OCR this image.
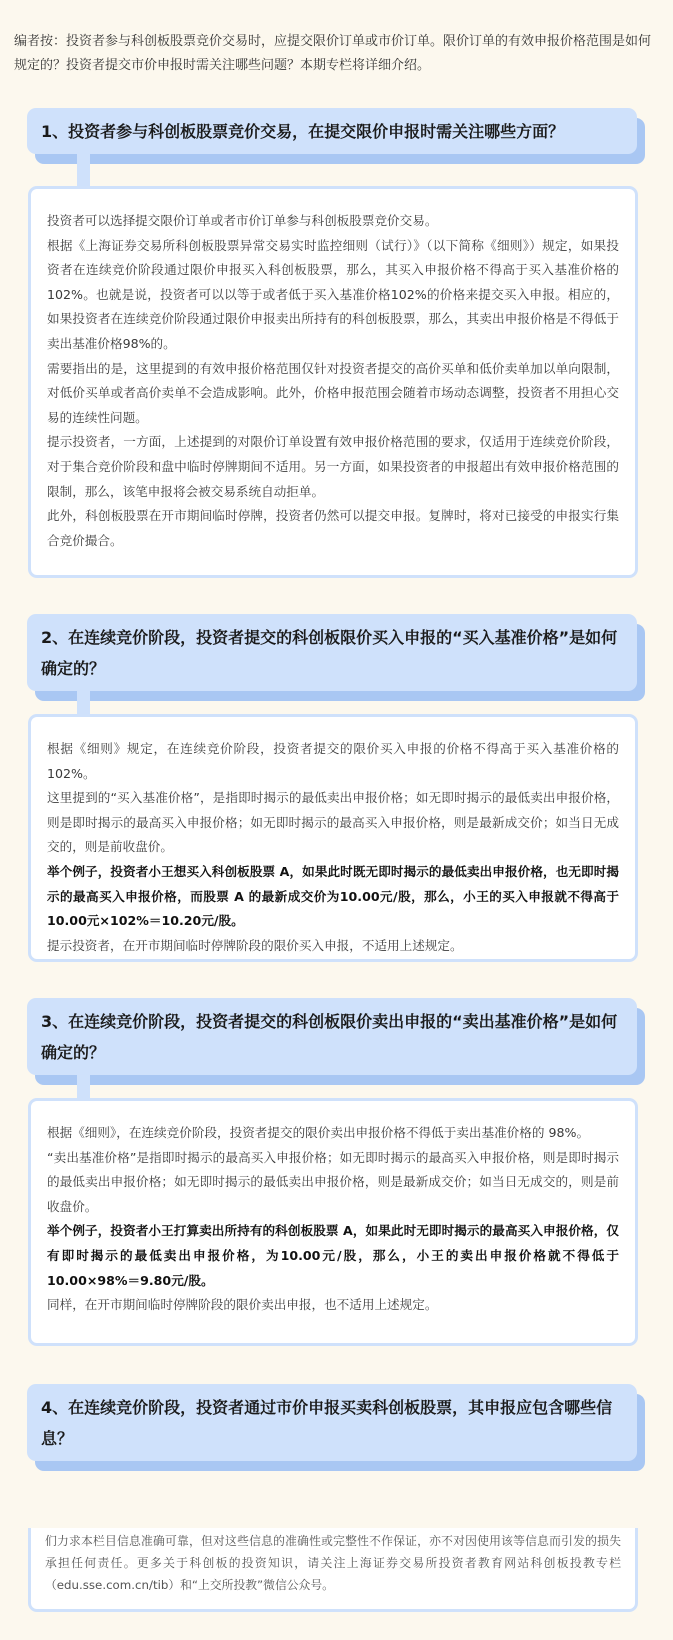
编者按：投资者参与科创板股票竞价交易时，应提交限价订单或市价订单。限价订单的有效申报价格范围是如何规定的？投资者提交市价申报时需关注哪些问题？本期专栏将详细介绍。
1、投资者参与科创板股票竞价交易，在提交限价申报时需关注哪些方面？

投资者可以选择提交限价订单或者市价订单参与科创板股票竞价交易。

根据《上海证券交易所科创板股票异常交易实时监控细则（试行）》（以下简称《细则》）规定，如果投资者在连续竞价阶段通过限价申报买入科创板股票，那么，其买入申报价格不得高于买入基准价格的102%。也就是说，投资者可以以等于或者低于买入基准价格102%的价格来提交买入申报。相应的，如果投资者在连续竞价阶段通过限价申报卖出所持有的科创板股票，那么，其卖出申报价格是不得低于卖出基准价格98%的。

需要指出的是，这里提到的有效申报价格范围仅针对投资者提交的高价买单和低价卖单加以单向限制，对低价买单或者高价卖单不会造成影响。此外，价格申报范围会随着市场动态调整，投资者不用担心交易的连续性问题。

提示投资者，一方面，上述提到的对限价订单设置有效申报价格范围的要求，仅适用于连续竞价阶段，对于集合竞价阶段和盘中临时停牌期间不适用。另一方面，如果投资者的申报超出有效申报价格范围的限制，那么，该笔申报将会被交易系统自动拒单。

此外，科创板股票在开市期间临时停牌，投资者仍然可以提交申报。复牌时，将对已接受的申报实行集合竞价撮合。

2、在连续竞价阶段，投资者提交的科创板限价买入申报的“买入基准价格”是如何确定的？

根据《细则》规定，在连续竞价阶段，投资者提交的限价买入申报的价格不得高于买入基准价格的 102%。

这里提到的“买入基准价格”，是指即时揭示的最低卖出申报价格；如无即时揭示的最低卖出申报价格，则是即时揭示的最高买入申报价格；如无即时揭示的最高买入申报价格，则是最新成交价；如当日无成交的，则是前收盘价。

举个例子，投资者小王想买入科创板股票 A，如果此时既无即时揭示的最低卖出申报价格，也无即时揭示的最高买入申报价格，而股票 A 的最新成交价为10.00元/股，那么，小王的买入申报就不得高于10.00元×102%＝10.20元/股。

提示投资者，在开市期间临时停牌阶段的限价买入申报，不适用上述规定。

3、在连续竞价阶段，投资者提交的科创板限价卖出申报的“卖出基准价格”是如何确定的？

根据《细则》，在连续竞价阶段，投资者提交的限价卖出申报价格不得低于卖出基准价格的 98%。

“卖出基准价格”是指即时揭示的最高买入申报价格；如无即时揭示的最高买入申报价格，则是即时揭示的最低卖出申报价格；如无即时揭示的最低卖出申报价格，则是最新成交价；如当日无成交的，则是前收盘价。

举个例子，投资者小王打算卖出所持有的科创板股票 A，如果此时无即时揭示的最高买入申报价格，仅有即时揭示的最低卖出申报价格，为10.00元/股，那么，小王的卖出申报价格就不得低于10.00×98%＝9.80元/股。

同样，在开市期间临时停牌阶段的限价卖出申报，也不适用上述规定。

们力求本栏目信息准确可靠，但对这些信息的准确性或完整性不作保证，亦不对因使用该等信息而引发的损失承担任何责任。更多关于科创板的投资知识，请关注上海证券交易所投资者教育网站科创板投教专栏（edu.sse.com.cn/tib）和“上交所投教”微信公众号。

4、在连续竞价阶段，投资者通过市价申报买卖科创板股票，其申报应包含哪些信息？
